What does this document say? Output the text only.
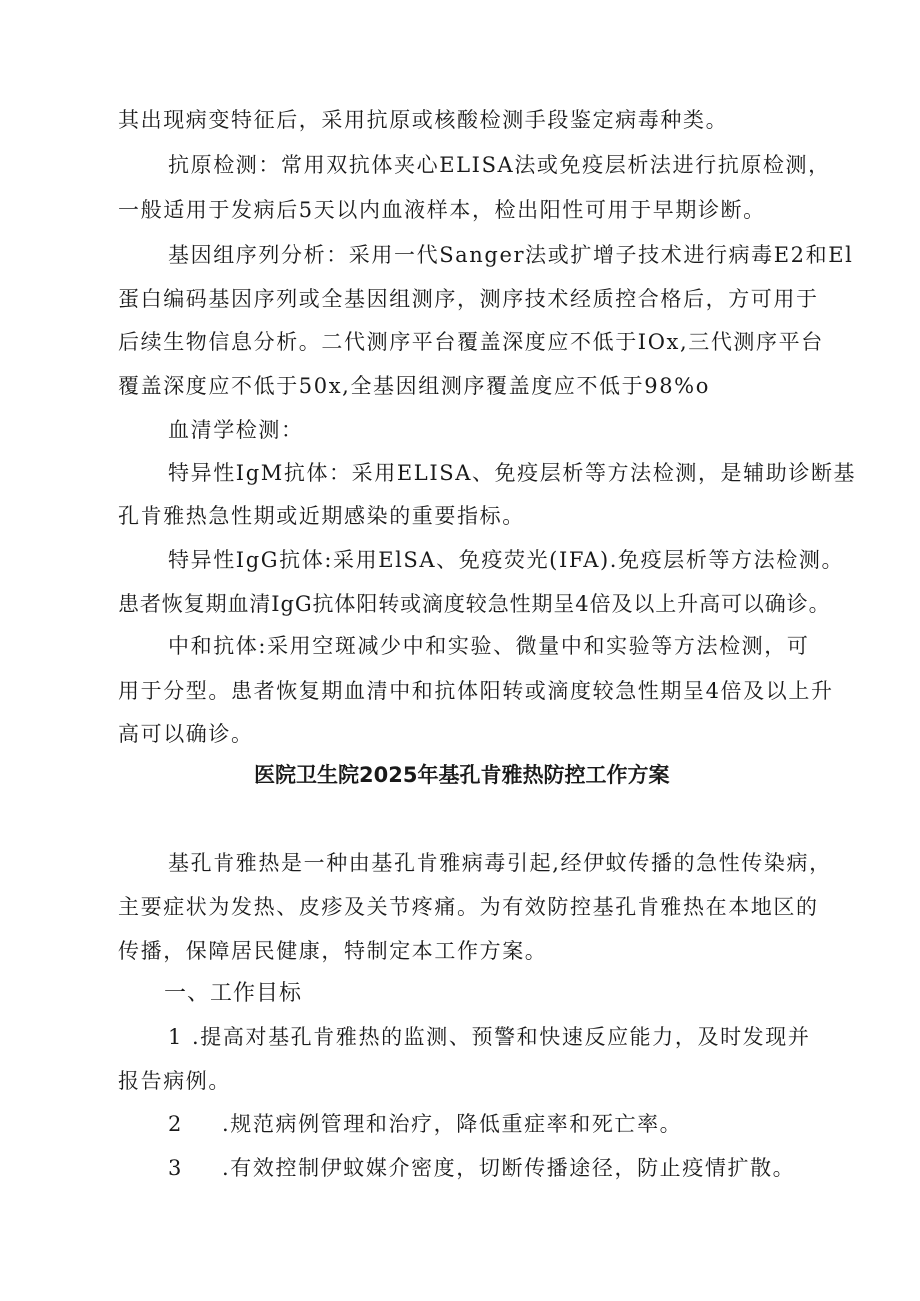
其出现病变特征后，采用抗原或核酸检测手段鉴定病毒种类。
抗原检测：常用双抗体夹心ELISA法或免疫层析法进行抗原检测，
一般适用于发病后5天以内血液样本，检出阳性可用于早期诊断。
基因组序列分析：采用一代Sanger法或扩增子技术进行病毒E2和El
蛋白编码基因序列或全基因组测序，测序技术经质控合格后，方可用于
后续生物信息分析。二代测序平台覆盖深度应不低于IOx,三代测序平台
覆盖深度应不低于50x,全基因组测序覆盖度应不低于98%o
血清学检测：
特异性IgM抗体：采用ELISA、免疫层析等方法检测，是辅助诊断基
孔肯雅热急性期或近期感染的重要指标。
特异性IgG抗体:采用ElSA、免疫荧光(IFA).免疫层析等方法检测。
患者恢复期血清IgG抗体阳转或滴度较急性期呈4倍及以上升高可以确诊。
中和抗体:采用空斑减少中和实验、微量中和实验等方法检测，可
用于分型。患者恢复期血清中和抗体阳转或滴度较急性期呈4倍及以上升
高可以确诊。
医院卫生院2025年基孔肯雅热防控工作方案
基孔肯雅热是一种由基孔肯雅病毒引起,经伊蚊传播的急性传染病，
主要症状为发热、皮疹及关节疼痛。为有效防控基孔肯雅热在本地区的
传播，保障居民健康，特制定本工作方案。
一、工作目标
1 .提高对基孔肯雅热的监测、预警和快速反应能力，及时发现并
报告病例。
2 .规范病例管理和治疗，降低重症率和死亡率。
3 .有效控制伊蚊媒介密度，切断传播途径，防止疫情扩散。
